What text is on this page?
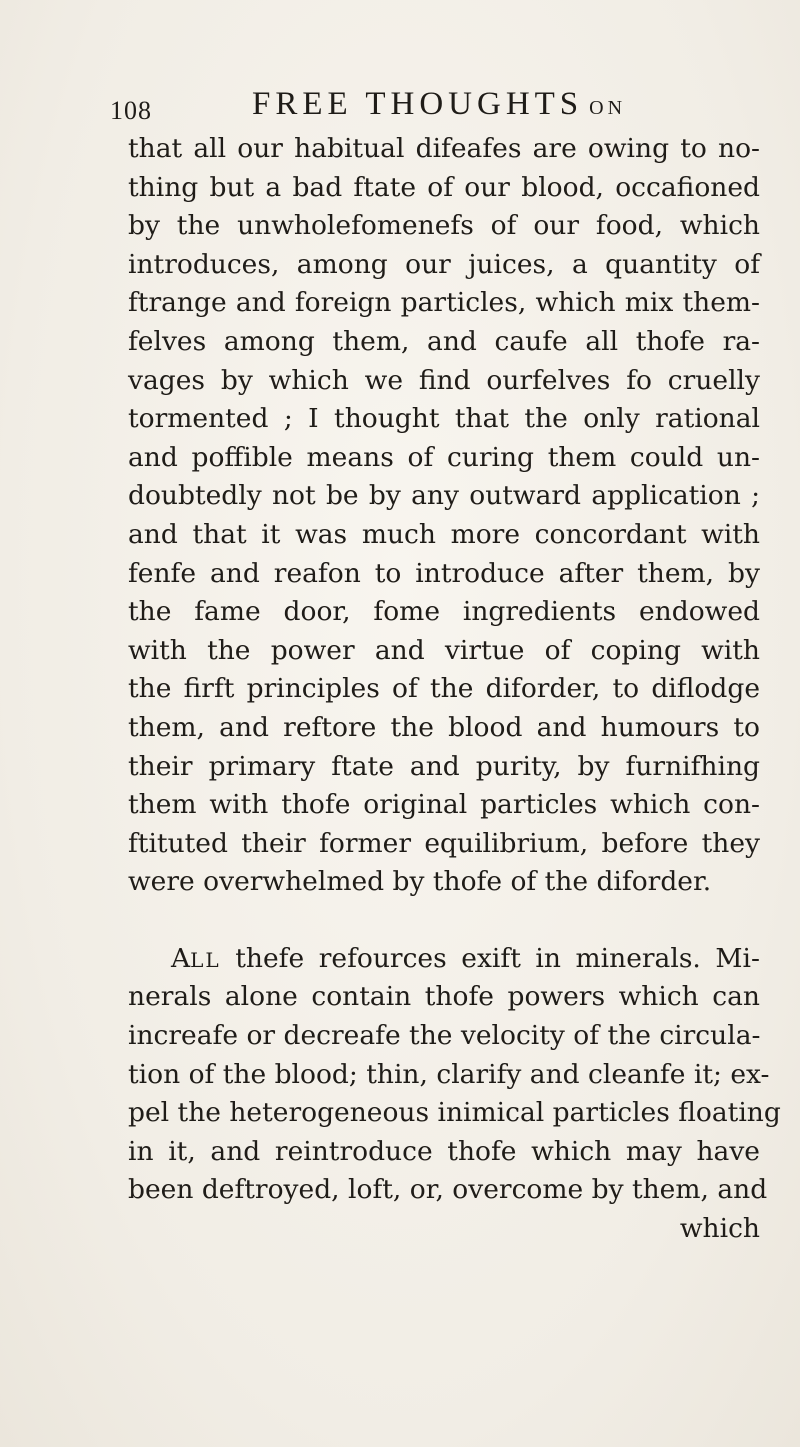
108	FREE THOUGHTS ON
that all our habitual difeafes are owing to no-
thing but a bad ftate of our blood, occafioned
by the unwholefomenefs of our food, which
introduces, among our juices, a quantity of
ftrange and foreign particles, which mix them-
felves among them, and caufe all thofe ra-
vages by which we find ourfelves fo cruelly
tormented ; I thought that the only rational
and poffible means of curing them could un-
doubtedly not be by any outward application ;
and that it was much more concordant with
fenfe and reafon to introduce after them, by
the fame door, fome ingredients endowed
with the power and virtue of coping with
the firft principles of the diforder, to diflodge
them, and reftore the blood and humours to
their primary ftate and purity, by furnifhing
them with thofe original particles which con-
ftituted their former equilibrium, before they
were overwhelmed by thofe of the diforder.
ALL thefe refources exift in minerals. Mi-
nerals alone contain thofe powers which can
increafe or decreafe the velocity of the circula-
tion of the blood; thin, clarify and cleanfe it; ex-
pel the heterogeneous inimical particles floating
in it, and reintroduce thofe which may have
been deftroyed, loft, or, overcome by them, and
which
